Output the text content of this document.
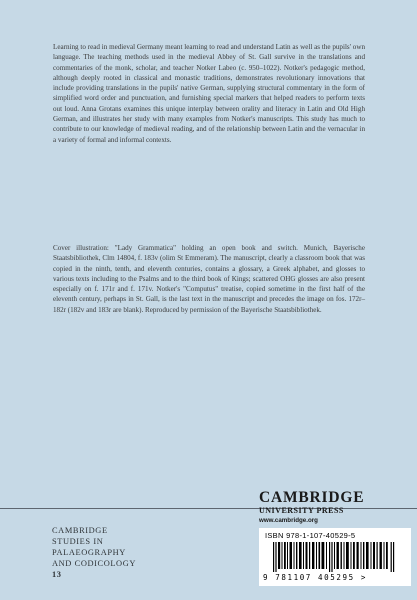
Learning to read in medieval Germany meant learning to read and understand Latin as well as the pupils' own language. The teaching methods used in the medieval Abbey of St. Gall survive in the translations and commentaries of the monk, scholar, and teacher Notker Labeo (c. 950–1022). Notker's pedagogic method, although deeply rooted in classical and monastic traditions, demonstrates revolutionary innovations that include providing translations in the pupils' native German, supplying structural commentary in the form of simplified word order and punctuation, and furnishing special markers that helped readers to perform texts out loud. Anna Grotans examines this unique interplay between orality and literacy in Latin and Old High German, and illustrates her study with many examples from Notker's manuscripts. This study has much to contribute to our knowledge of medieval reading, and of the relationship between Latin and the vernacular in a variety of formal and informal contexts.

Cover illustration: "Lady Grammatica" holding an open book and switch. Munich, Bayerische Staatsbibliothek, Clm 14804, f. 183v (olim St Emmeram). The manuscript, clearly a classroom book that was copied in the ninth, tenth, and eleventh centuries, contains a glossary, a Greek alphabet, and glosses to various texts including to the Psalms and to the third book of Kings; scattered OHG glosses are also present especially on f. 171r and f. 171v. Notker's "Computus" treatise, copied sometime in the first half of the eleventh century, perhaps in St. Gall, is the last text in the manuscript and precedes the image on fos. 172r–182r (182v and 183r are blank). Reproduced by permission of the Bayerische Staatsbibliothek.

CAMBRIDGE
STUDIES IN
PALAEOGRAPHY
AND CODICOLOGY
13
CAMBRIDGE
UNIVERSITY PRESS
www.cambridge.org
ISBN 978-1-107-40529-5
9 781107 405295 >
